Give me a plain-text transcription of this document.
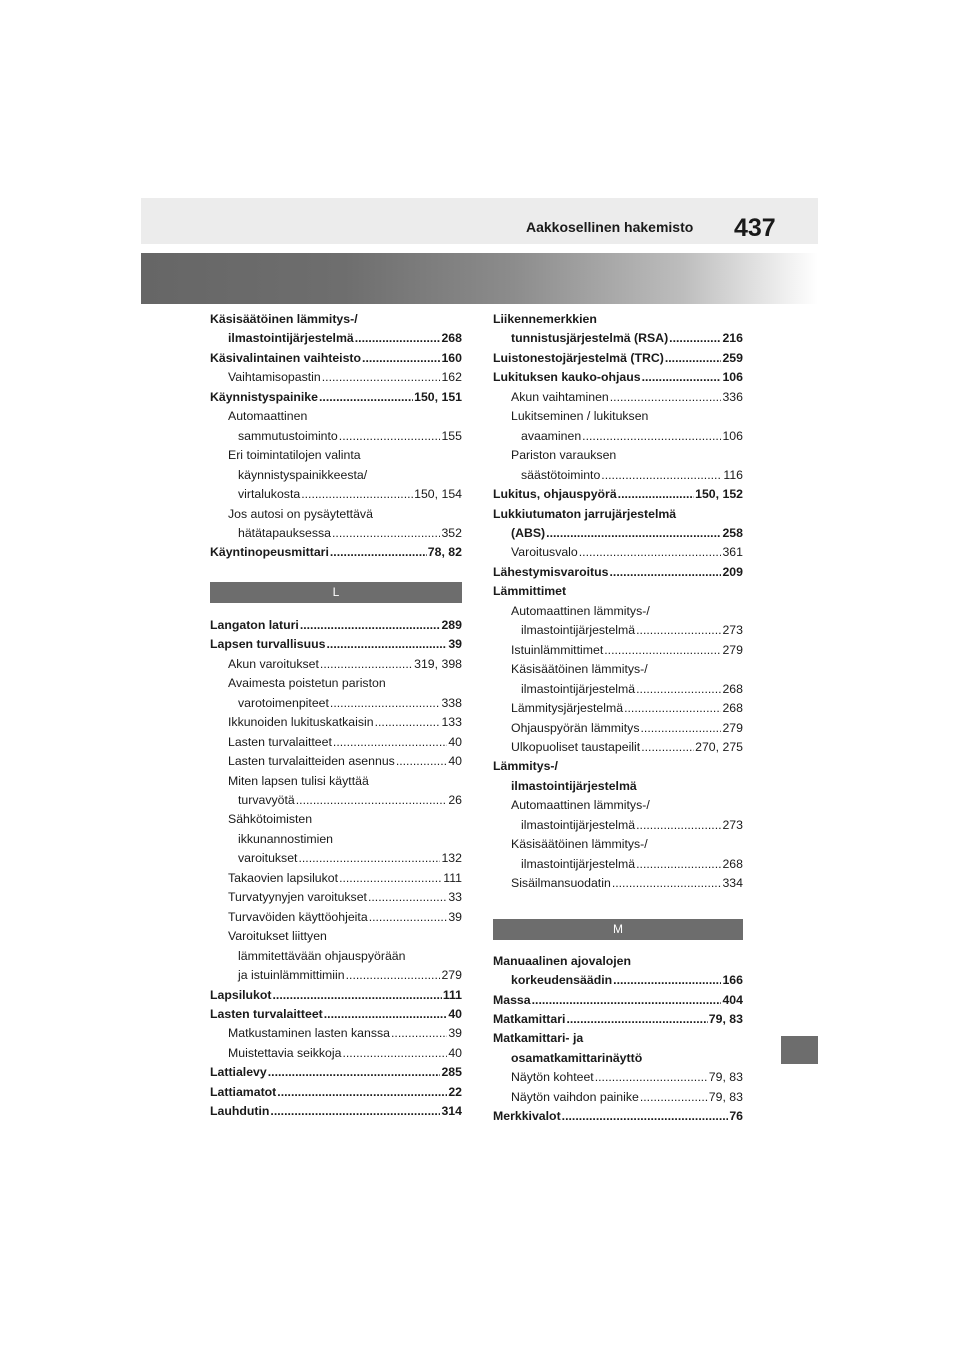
Aakkosellinen hakemisto 437
Käsisäätöinen lämmitys-/
ilmastointijärjestelmä .....	268
Käsivalintainen vaihteisto .....	160
Vaihtamisopastin .....	162
Käynnistyspainike .....	150, 151
Automaattinen
sammutustoiminto .....	155
Eri toimintatilojen valinta
käynnistyspainikkeesta/
virtalukosta .....	150, 154
Jos autosi on pysäytettävä
hätätapauksessa .....	352
Käyntinopeusmittari .....	78, 82
L
Langaton laturi .....	289
Lapsen turvallisuus .....	39
Akun varoitukset .....	319, 398
Avaimesta poistetun pariston
varotoimenpiteet .....	338
Ikkunoiden lukituskatkaisin .....	133
Lasten turvalaitteet .....	40
Lasten turvalaitteiden asennus .....	40
Miten lapsen tulisi käyttää
turvavyötä .....	26
Sähkötoimisten
ikkunannostimien
varoitukset .....	132
Takaovien lapsilukot .....	111
Turvatyynyjen varoitukset .....	33
Turvavöiden käyttöohjeita .....	39
Varoitukset liittyen
lämmitettävään ohjauspyörään
ja istuinlämmittimiin .....	279
Lapsilukot .....	111
Lasten turvalaitteet .....	40
Matkustaminen lasten kanssa .....	39
Muistettavia seikkoja .....	40
Lattialevy .....	285
Lattiamatot .....	22
Lauhdutin .....	314
Liikennemerkkien
tunnistusjärjestelmä (RSA) .....	216
Luistonestojärjestelmä (TRC) .....	259
Lukituksen kauko-ohjaus .....	106
Akun vaihtaminen .....	336
Lukitseminen / lukituksen
avaaminen .....	106
Pariston varauksen
säästötoiminto .....	116
Lukitus, ohjauspyörä .....	150, 152
Lukkiutumaton jarrujärjestelmä
(ABS) .....	258
Varoitusvalo .....	361
Lähestymisvaroitus .....	209
Lämmittimet
Automaattinen lämmitys-/
ilmastointijärjestelmä .....	273
Istuinlämmittimet .....	279
Käsisäätöinen lämmitys-/
ilmastointijärjestelmä .....	268
Lämmitysjärjestelmä .....	268
Ohjauspyörän lämmitys .....	279
Ulkopuoliset taustapeilit .....	270, 275
Lämmitys-/
ilmastointijärjestelmä
Automaattinen lämmitys-/
ilmastointijärjestelmä .....	273
Käsisäätöinen lämmitys-/
ilmastointijärjestelmä .....	268
Sisäilmansuodatin .....	334
M
Manuaalinen ajovalojen
korkeudensäädin .....	166
Massa .....	404
Matkamittari .....	79, 83
Matkamittari- ja
osamatkamittarinäyttö
Näytön kohteet .....	79, 83
Näytön vaihdon painike .....	79, 83
Merkkivalot .....	76
